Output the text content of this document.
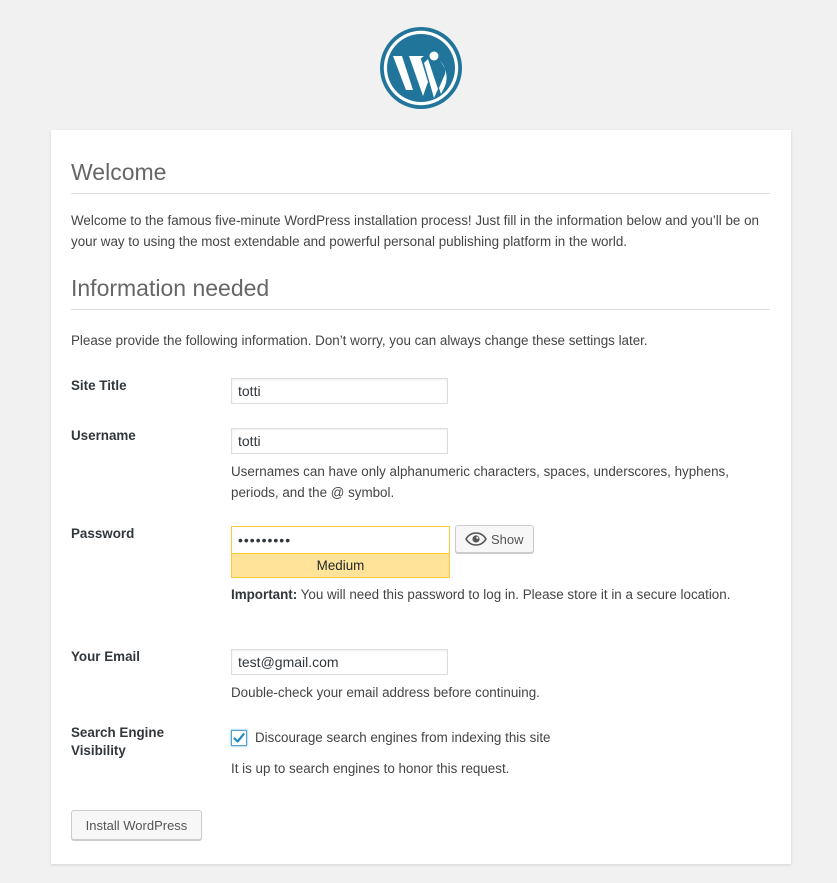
Welcome

Welcome to the famous five-minute WordPress installation process! Just fill in the information below and you’ll be on your way to using the most extendable and powerful personal publishing platform in the world.

Information needed

Please provide the following information. Don’t worry, you can always change these settings later.

Site Title
totti
Username
totti

Usernames can have only alphanumeric characters, spaces, underscores, hyphens, periods, and the @ symbol.

Password
•••••••••	Show
Medium

Important: You will need this password to log in. Please store it in a secure location.

Your Email
test@gmail.com

Double-check your email address before continuing.

Search Engine
Visibility
Discourage search engines from indexing this site

It is up to search engines to honor this request.

Install WordPress
